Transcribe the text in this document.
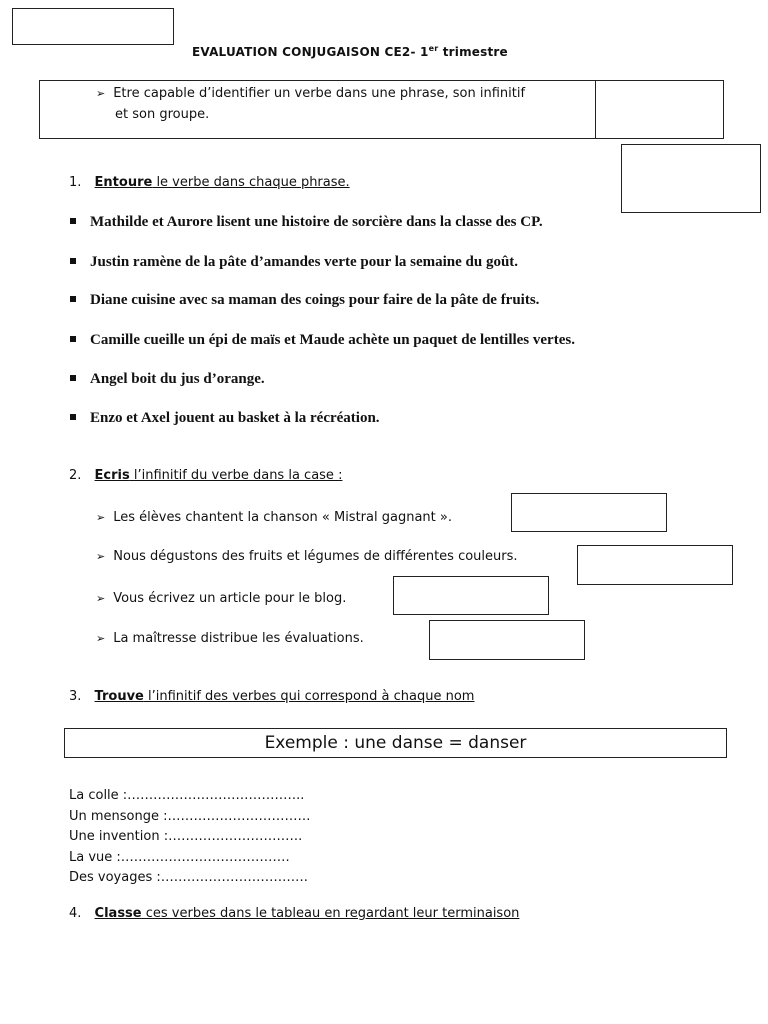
EVALUATION CONJUGAISON CE2- 1er trimestre
➢ Etre capable d’identifier un verbe dans une phrase, son infinitif
et son groupe.
1. Entoure le verbe dans chaque phrase.
Mathilde et Aurore lisent une histoire de sorcière dans la classe des CP.
Justin ramène de la pâte d’amandes verte pour la semaine du goût.
Diane cuisine avec sa maman des coings pour faire de la pâte de fruits.
Camille cueille un épi de maïs et Maude achète un paquet de lentilles vertes.
Angel boit du jus d’orange.
Enzo et Axel jouent au basket à la récréation.
2. Ecris l’infinitif du verbe dans la case :
➢ Les élèves chantent la chanson « Mistral gagnant ».
➢ Nous dégustons des fruits et légumes de différentes couleurs.
➢ Vous écrivez un article pour le blog.
➢ La maîtresse distribue les évaluations.
3. Trouve l’infinitif des verbes qui correspond à chaque nom
Exemple : une danse = danser
La colle :…………………………………..
Un mensonge :……………………………
Une invention :………………………….
La vue :…………………………………
Des voyages :…………………………….
4. Classe ces verbes dans le tableau en regardant leur terminaison
